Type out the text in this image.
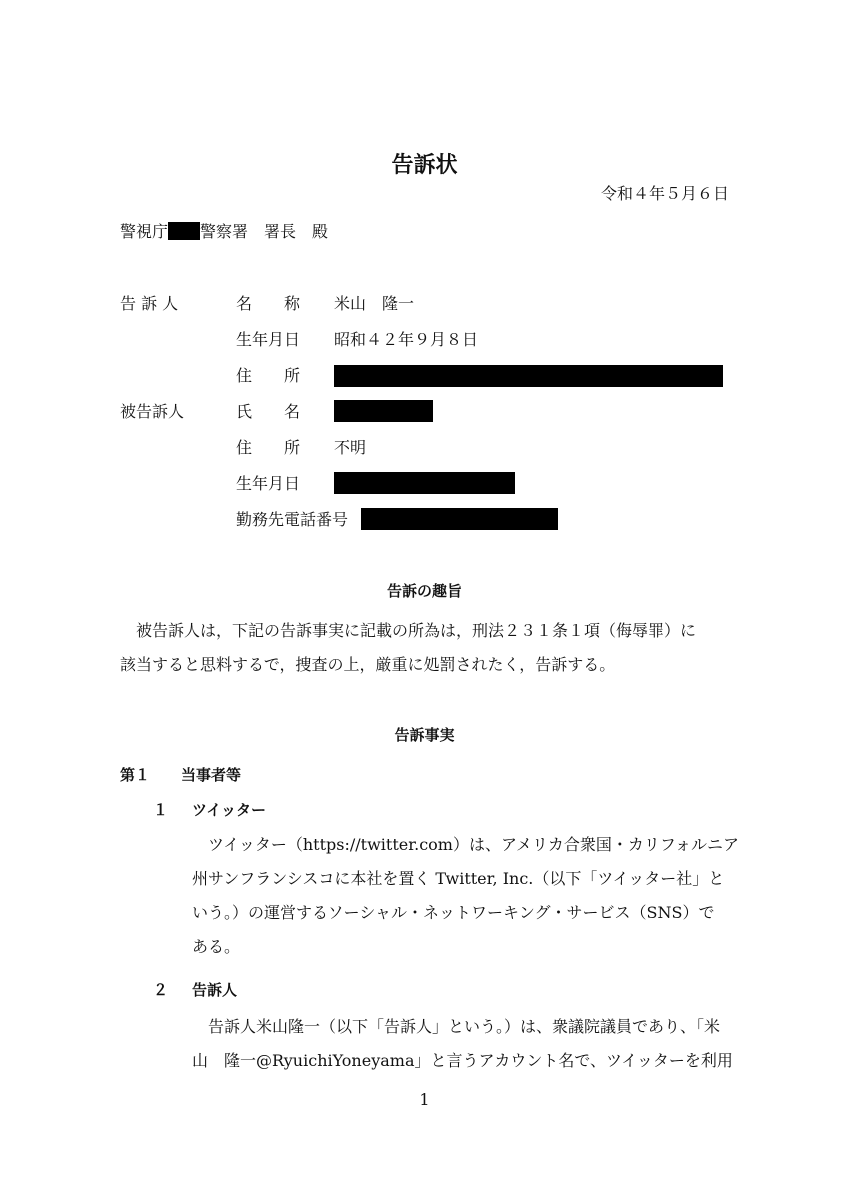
告訴状
令和４年５月６日
警視庁 警察署　署長　殿
告 訴 人	名　　称 米山　隆一
生年月日 昭和４２年９月８日
住　　所
被告訴人	氏　　名
住　　所 不明
生年月日
勤務先電話番号
告訴の趣旨

　被告訴人は，下記の告訴事実に記載の所為は，刑法２３１条１項（侮辱罪）に

該当すると思料するで，捜査の上，厳重に処罰されたく，告訴する。

告訴事実
第１ 当事者等
１ ツイッター

　ツイッター（https://twitter.com）は、アメリカ合衆国・カリフォルニア

州サンフランシスコに本社を置く Twitter, Inc.（以下「ツイッター社」と

いう。）の運営するソーシャル・ネットワーキング・サービス（SNS）で

ある。

２ 告訴人

　告訴人米山隆一（以下「告訴人」という。）は、衆議院議員であり、「米

山　隆一@RyuichiYoneyama」と言うアカウント名で、ツイッターを利用

1
